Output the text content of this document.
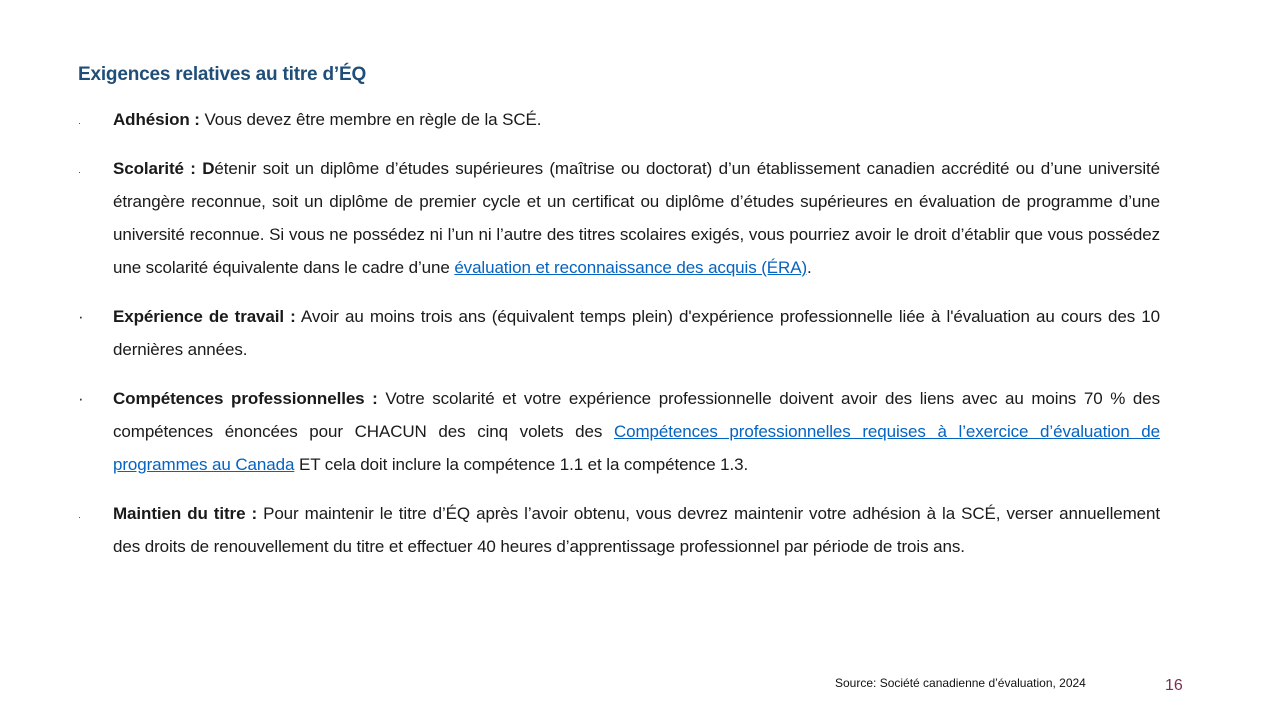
Exigences relatives au titre d’ÉQ
·	Adhésion : Vous devez être membre en règle de la SCÉ.
·	Scolarité : Détenir soit un diplôme d’études supérieures (maîtrise ou doctorat) d’un établissement canadien accrédité ou d’une université étrangère reconnue, soit un diplôme de premier cycle et un certificat ou diplôme d’études supérieures en évaluation de programme d’une université reconnue. Si vous ne possédez ni l’un ni l’autre des titres scolaires exigés, vous pourriez avoir le droit d’établir que vous possédez une scolarité équivalente dans le cadre d’une évaluation et reconnaissance des acquis (ÉRA).
·	Expérience de travail : Avoir au moins trois ans (équivalent temps plein) d'expérience professionnelle liée à l'évaluation au cours des 10 dernières années.
·	Compétences professionnelles : Votre scolarité et votre expérience professionnelle doivent avoir des liens avec au moins 70 % des compétences énoncées pour CHACUN des cinq volets des Compétences professionnelles requises à l’exercice d’évaluation de programmes au Canada ET cela doit inclure la compétence 1.1 et la compétence 1.3.
·	Maintien du titre : Pour maintenir le titre d’ÉQ après l’avoir obtenu, vous devrez maintenir votre adhésion à la SCÉ, verser annuellement des droits de renouvellement du titre et effectuer 40 heures d’apprentissage professionnel par période de trois ans.
Source: Société canadienne d’évaluation, 2024	16
